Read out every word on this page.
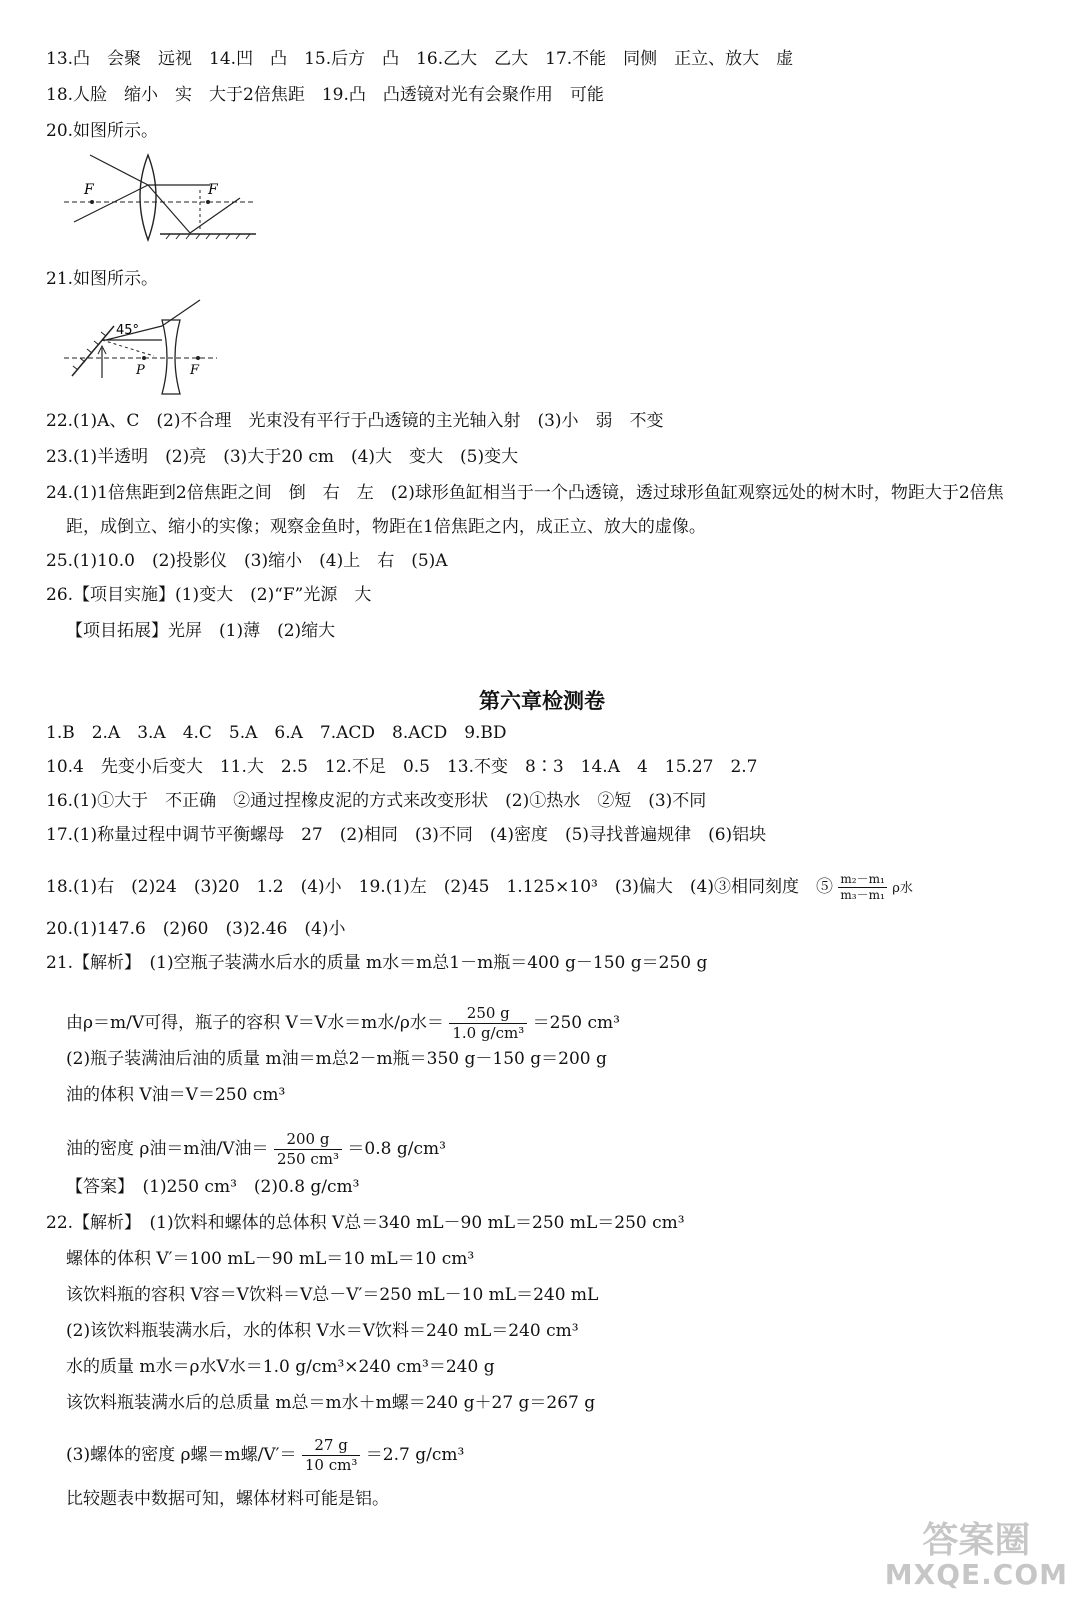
13.凸　会聚　远视　14.凹　凸　15.后方　凸　16.乙大　乙大　17.不能　同侧　正立、放大　虚
18.人脸　缩小　实　大于2倍焦距　19.凸　凸透镜对光有会聚作用　可能
20.如图所示。
F	F
21.如图所示。
45°
P	F
22.(1)A、C　(2)不合理　光束没有平行于凸透镜的主光轴入射　(3)小　弱　不变
23.(1)半透明　(2)亮　(3)大于20 cm　(4)大　变大　(5)变大
24.(1)1倍焦距到2倍焦距之间　倒　右　左　(2)球形鱼缸相当于一个凸透镜，透过球形鱼缸观察远处的树木时，物距大于2倍焦
距，成倒立、缩小的实像；观察金鱼时，物距在1倍焦距之内，成正立、放大的虚像。
25.(1)10.0　(2)投影仪　(3)缩小　(4)上　右　(5)A
26.【项目实施】(1)变大　(2)“F”光源　大
【项目拓展】光屏　(1)薄　(2)缩大
第六章检测卷
1.B　2.A　3.A　4.C　5.A　6.A　7.ACD　8.ACD　9.BD
10.4　先变小后变大　11.大　2.5　12.不足　0.5　13.不变　8∶3　14.A　4　15.27　2.7
16.(1)①大于　不正确　②通过捏橡皮泥的方式来改变形状　(2)①热水　②短　(3)不同
17.(1)称量过程中调节平衡螺母　27　(2)相同　(3)不同　(4)密度　(5)寻找普遍规律　(6)铝块
18.(1)右　(2)24　(3)20　1.2　(4)小　19.(1)左　(2)45　1.125×10³　(3)偏大　(4)③相同刻度　⑤ $\frac{\text{m₂－m₁}}{\text{m₃－m₁}}$ ρ水
20.(1)147.6　(2)60　(3)2.46　(4)小
21.【解析】　(1)空瓶子装满水后水的质量 m水＝m总1－m瓶＝400 g－150 g＝250 g
由ρ＝m/V可得，瓶子的容积 V＝V水＝m水/ρ水＝ $\frac{250 g}{\text{1.0 g/cm³}} =250$ cm³
(2)瓶子装满油后油的质量 m油＝m总2－m瓶＝350 g－150 g＝200 g
油的体积 V油＝V＝250 cm³
油的密度 ρ油＝m油/V油＝ $\frac{200 g}{\text{250 cm³}} =0.8$ g/cm³
【答案】　(1)250 cm³　(2)0.8 g/cm³
22.【解析】　(1)饮料和螺体的总体积 V总＝340 mL－90 mL＝250 mL＝250 cm³
螺体的体积 V′＝100 mL－90 mL＝10 mL＝10 cm³
该饮料瓶的容积 V容＝V饮料＝V总－V′＝250 mL－10 mL＝240 mL
(2)该饮料瓶装满水后，水的体积 V水＝V饮料＝240 mL＝240 cm³
水的质量 m水＝ρ水V水＝1.0 g/cm³×240 cm³＝240 g
该饮料瓶装满水后的总质量 m总＝m水＋m螺＝240 g＋27 g＝267 g
(3)螺体的密度 ρ螺＝m螺$/V'= \frac{27 g}{\text{10 cm³}} =2.7$ g/cm³
比较题表中数据可知，螺体材料可能是铝。
答案圈
MXQE.COM
